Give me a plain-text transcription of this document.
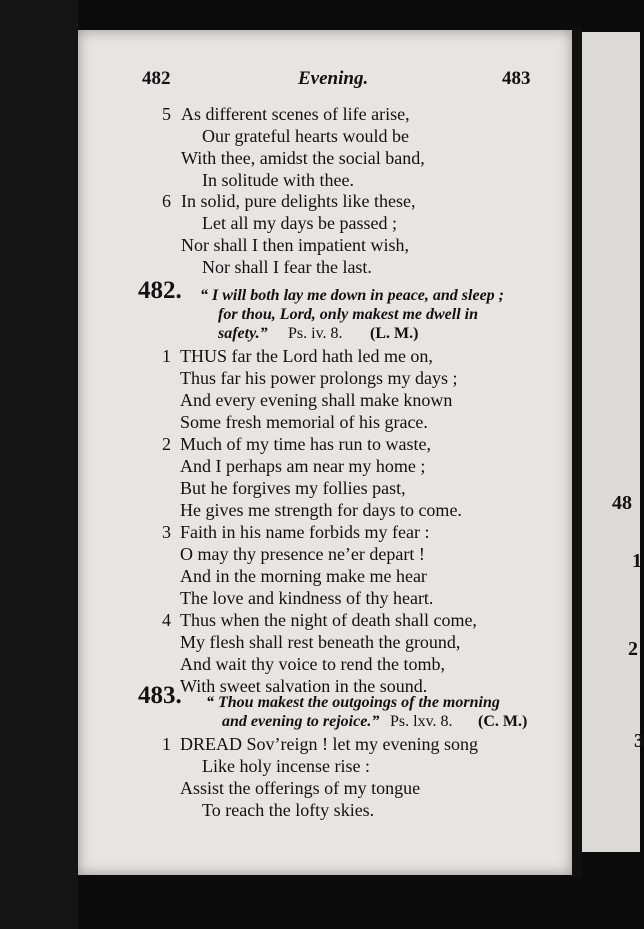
48
1
2
3
482	Evening.	483
5 As different scenes of life arise,
Our grateful hearts would be
With thee, amidst the social band,
In solitude with thee.
6 In solid, pure delights like these,
Let all my days be passed ;
Nor shall I then impatient wish,
Nor shall I fear the last.
482. “ I will both lay me down in peace, and sleep ;
for thou, Lord, only makest me dwell in
safety.” Ps. iv. 8. (L. M.)
1 THUS far the Lord hath led me on,
Thus far his power prolongs my days ;
And every evening shall make known
Some fresh memorial of his grace.
2 Much of my time has run to waste,
And I perhaps am near my home ;
But he forgives my follies past,
He gives me strength for days to come.
3 Faith in his name forbids my fear :
O may thy presence ne’er depart !
And in the morning make me hear
The love and kindness of thy heart.
4 Thus when the night of death shall come,
My flesh shall rest beneath the ground,
And wait thy voice to rend the tomb,
With sweet salvation in the sound.
483. “ Thou makest the outgoings of the morning
and evening to rejoice.” Ps. lxv. 8. (C. M.)
1 DREAD Sov’reign ! let my evening song
Like holy incense rise :
Assist the offerings of my tongue
To reach the lofty skies.
